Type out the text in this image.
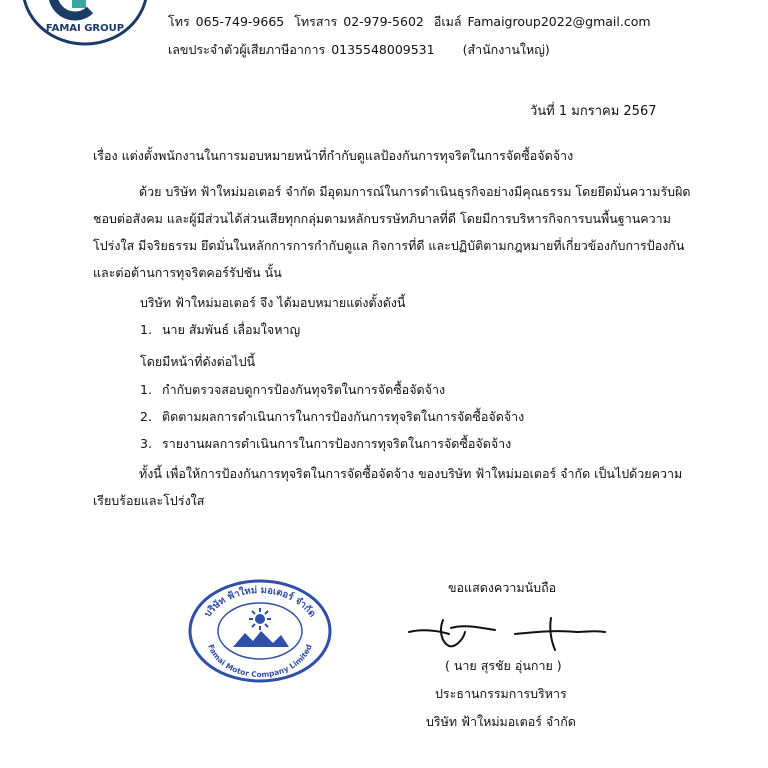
FAMAI GROUP	โทร 065-749-9665 โทรสาร 02-979-5602 อีเมล์ Famaigroup2022@gmail.com
เลขประจำตัวผู้เสียภาษีอาการ 0135548009531 (สำนักงานใหญ่)
วันที่ 1 มกราคม 2567
เรื่อง แต่งตั้งพนักงานในการมอบหมายหน้าที่กำกับดูแลป้องกันการทุจริตในการจัดซื้อจัดจ้าง

ด้วย บริษัท ฟ้าใหม่มอเตอร์ จำกัด มีอุดมการณ์ในการดำเนินธุรกิจอย่างมีคุณธรรม โดยยึดมั่นความรับผิดชอบต่อสังคม และผู้มีส่วนได้ส่วนเสียทุกกลุ่มตามหลักบรรษัทภิบาลที่ดี โดยมีการบริหารกิจการบนพื้นฐานความโปร่งใส มีจริยธรรม ยึดมั่นในหลักการการกำกับดูแล กิจการที่ดี และปฏิบัติตามกฎหมายที่เกี่ยวข้องกับการป้องกัน และต่อต้านการทุจริตคอร์รัปชัน นั้น

บริษัท ฟ้าใหม่มอเตอร์ จึง ได้มอบหมายแต่งตั้งดังนี้
1. นาย สัมพันธ์ เลื่อมใจหาญ
โดยมีหน้าที่ดังต่อไปนี้
1. กำกับตรวจสอบดูการป้องกันทุจริตในการจัดซื้อจัดจ้าง
2. ติดตามผลการดำเนินการในการป้องกันการทุจริตในการจัดซื้อจัดจ้าง
3. รายงานผลการดำเนินการในการป้องการทุจริตในการจัดซื้อจัดจ้าง

ทั้งนี้ เพื่อให้การป้องกันการทุจริตในการจัดซื้อจัดจ้าง ของบริษัท ฟ้าใหม่มอเตอร์ จำกัด เป็นไปด้วยความเรียบร้อยและโปร่งใส

บริษัท ฟ้าใหม่ มอเตอร์ จำกัด
Famai Motor Company Limited
ขอแสดงความนับถือ
( นาย สุรชัย อุ่นกาย )
ประธานกรรมการบริหาร
บริษัท ฟ้าใหม่มอเตอร์ จำกัด
